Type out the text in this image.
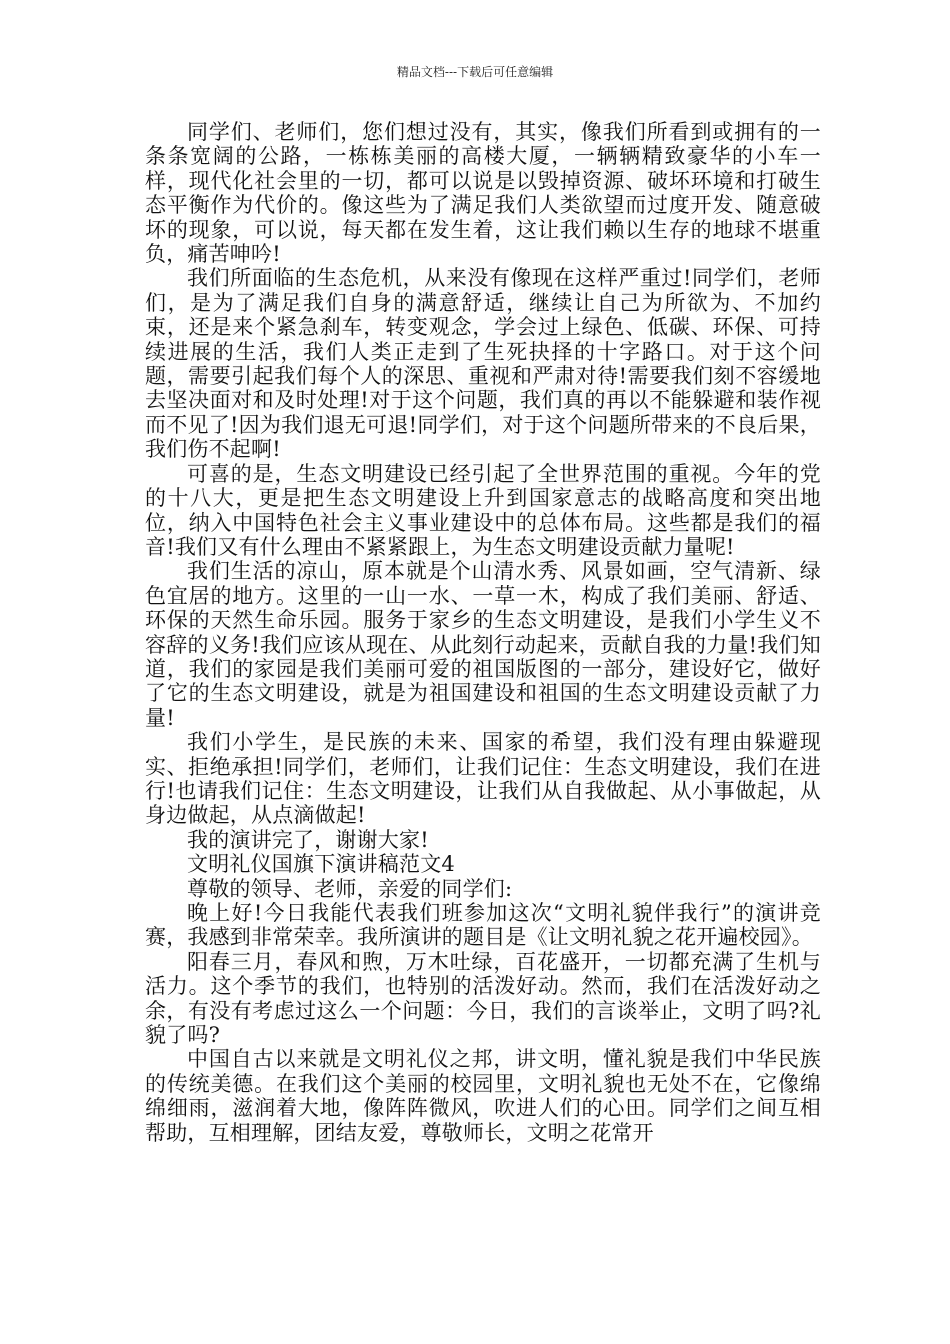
精品文档---下载后可任意编辑

同学们、老师们，您们想过没有，其实，像我们所看到或拥有的一条条宽阔的公路，一栋栋美丽的高楼大厦，一辆辆精致豪华的小车一样，现代化社会里的一切，都可以说是以毁掉资源、破坏环境和打破生态平衡作为代价的。像这些为了满足我们人类欲望而过度开发、随意破坏的现象，可以说，每天都在发生着，这让我们赖以生存的地球不堪重负，痛苦呻吟!

我们所面临的生态危机，从来没有像现在这样严重过!同学们，老师们，是为了满足我们自身的满意舒适，继续让自己为所欲为、不加约束，还是来个紧急刹车，转变观念，学会过上绿色、低碳、环保、可持续进展的生活，我们人类正走到了生死抉择的十字路口。对于这个问题，需要引起我们每个人的深思、重视和严肃对待!需要我们刻不容缓地去坚决面对和及时处理!对于这个问题，我们真的再以不能躲避和装作视而不见了!因为我们退无可退!同学们，对于这个问题所带来的不良后果，我们伤不起啊!

可喜的是，生态文明建设已经引起了全世界范围的重视。今年的党的十八大，更是把生态文明建设上升到国家意志的战略高度和突出地位，纳入中国特色社会主义事业建设中的总体布局。这些都是我们的福音!我们又有什么理由不紧紧跟上，为生态文明建设贡献力量呢!

我们生活的凉山，原本就是个山清水秀、风景如画，空气清新、绿色宜居的地方。这里的一山一水、一草一木，构成了我们美丽、舒适、环保的天然生命乐园。服务于家乡的生态文明建设，是我们小学生义不容辞的义务!我们应该从现在、从此刻行动起来，贡献自我的力量!我们知道，我们的家园是我们美丽可爱的祖国版图的一部分，建设好它，做好了它的生态文明建设，就是为祖国建设和祖国的生态文明建设贡献了力量!

我们小学生，是民族的未来、国家的希望，我们没有理由躲避现实、拒绝承担!同学们，老师们，让我们记住：生态文明建设，我们在进行!也请我们记住：生态文明建设，让我们从自我做起、从小事做起，从身边做起，从点滴做起!

我的演讲完了，谢谢大家!

文明礼仪国旗下演讲稿范文4

尊敬的领导、老师，亲爱的同学们:

晚上好!今日我能代表我们班参加这次“文明礼貌伴我行”的演讲竞赛，我感到非常荣幸。我所演讲的题目是《让文明礼貌之花开遍校园》。

阳春三月，春风和煦，万木吐绿，百花盛开，一切都充满了生机与活力。这个季节的我们，也特别的活泼好动。然而，我们在活泼好动之余，有没有考虑过这么一个问题：今日，我们的言谈举止，文明了吗?礼貌了吗?

中国自古以来就是文明礼仪之邦，讲文明，懂礼貌是我们中华民族的传统美德。在我们这个美丽的校园里，文明礼貌也无处不在，它像绵绵细雨，滋润着大地，像阵阵微风，吹进人们的心田。同学们之间互相帮助，互相理解，团结友爱，尊敬师长，文明之花常开
